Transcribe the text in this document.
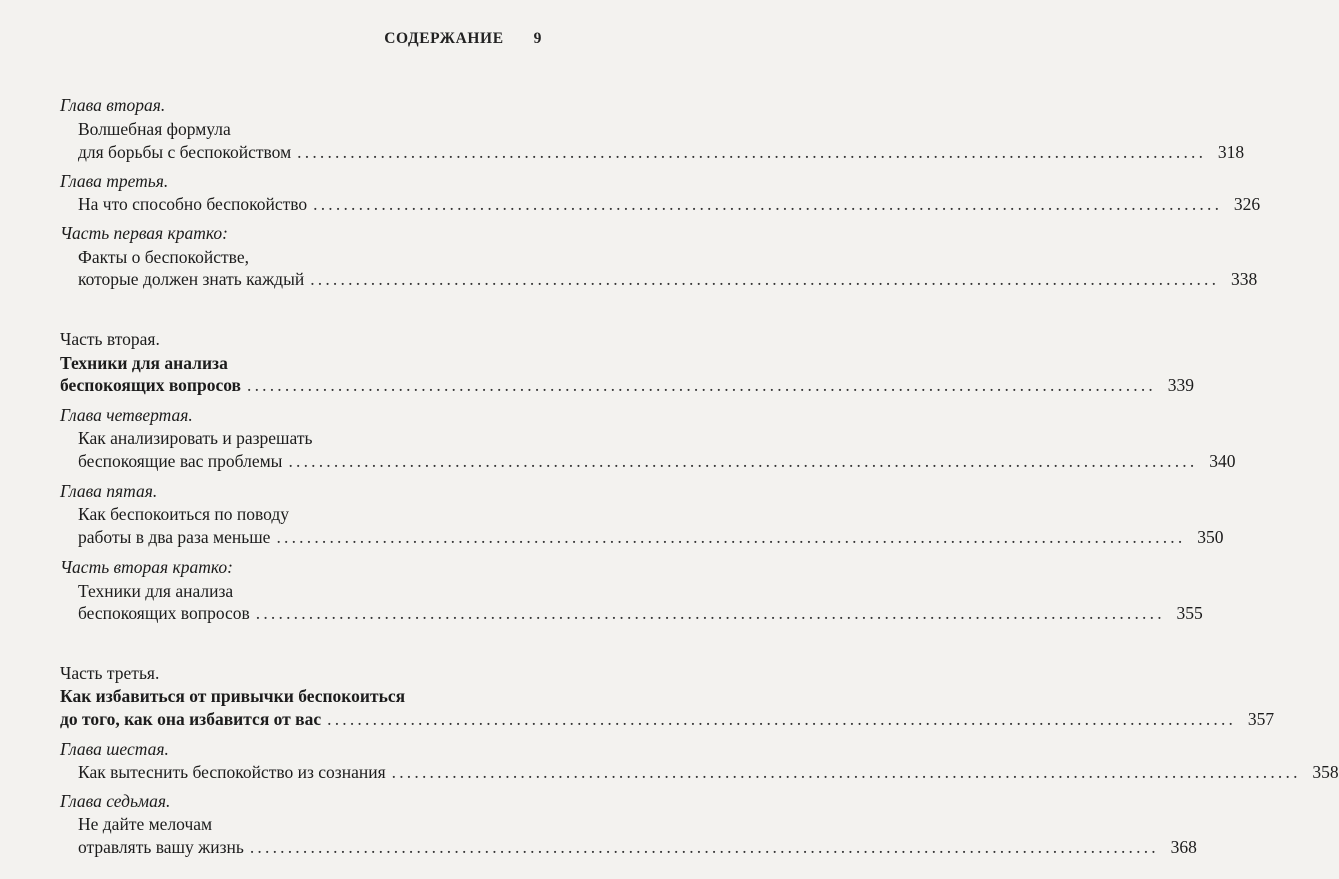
СОДЕРЖАНИЕ 9
Глава вторая.
Волшебная формула
для борьбы с беспокойством ........................................................................................................................ 318
Глава третья.
На что способно беспокойство ........................................................................................................................ 326
Часть первая кратко:
Факты о беспокойстве,
которые должен знать каждый ........................................................................................................................ 338
Часть вторая.
Техники для анализа
беспокоящих вопросов ........................................................................................................................ 339
Глава четвертая.
Как анализировать и разрешать
беспокоящие вас проблемы ........................................................................................................................ 340
Глава пятая.
Как беспокоиться по поводу
работы в два раза меньше ........................................................................................................................ 350
Часть вторая кратко:
Техники для анализа
беспокоящих вопросов ........................................................................................................................ 355
Часть третья.
Как избавиться от привычки беспокоиться
до того, как она избавится от вас ........................................................................................................................ 357
Глава шестая.
Как вытеснить беспокойство из сознания ........................................................................................................................ 358
Глава седьмая.
Не дайте мелочам
отравлять вашу жизнь ........................................................................................................................ 368
